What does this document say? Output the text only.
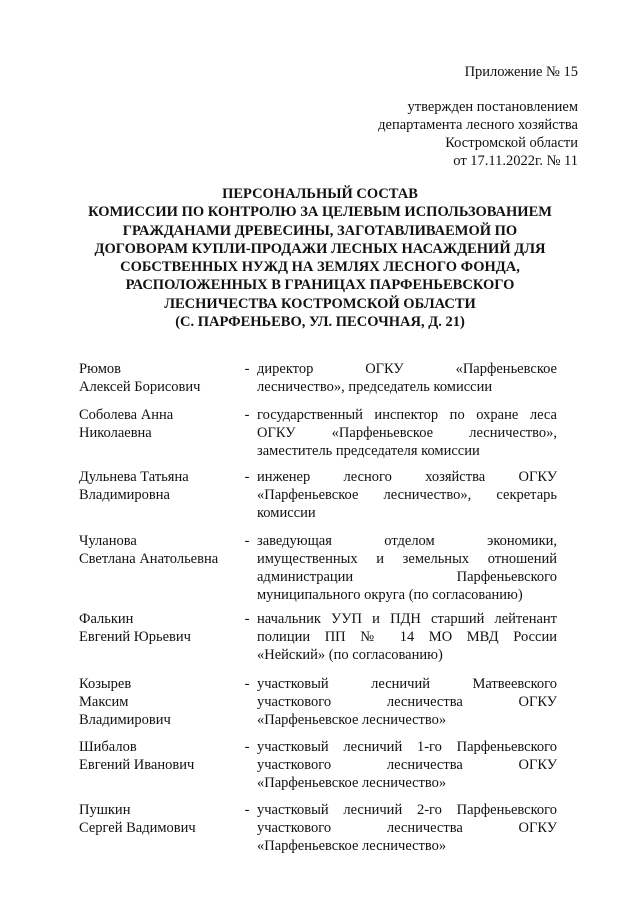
Приложение № 15
утвержден постановлением
департамента лесного хозяйства
Костромской области
от 17.11.2022г. № 11
ПЕРСОНАЛЬНЫЙ СОСТАВ
КОМИССИИ ПО КОНТРОЛЮ ЗА ЦЕЛЕВЫМ ИСПОЛЬЗОВАНИЕМ
ГРАЖДАНАМИ ДРЕВЕСИНЫ, ЗАГОТАВЛИВАЕМОЙ ПО
ДОГОВОРАМ КУПЛИ-ПРОДАЖИ ЛЕСНЫХ НАСАЖДЕНИЙ ДЛЯ
СОБСТВЕННЫХ НУЖД НА ЗЕМЛЯХ ЛЕСНОГО ФОНДА,
РАСПОЛОЖЕННЫХ В ГРАНИЦАХ ПАРФЕНЬЕВСКОГО
ЛЕСНИЧЕСТВА КОСТРОМСКОЙ ОБЛАСТИ
(С. ПАРФЕНЬЕВО, УЛ. ПЕСОЧНАЯ, Д. 21)
Рюмов
Алексей Борисович
- директор ОГКУ «Парфеньевское
лесничество», председатель комиссии
Соболева Анна
Николаевна
- государственный инспектор по охране леса
ОГКУ «Парфеньевское лесничество»,
заместитель председателя комиссии
Дульнева Татьяна
Владимировна
- инженер лесного хозяйства ОГКУ
«Парфеньевское лесничество», секретарь
комиссии
Чуланова
Светлана Анатольевна
- заведующая отделом экономики,
имущественных и земельных отношений
администрации Парфеньевского
муниципального округа (по согласованию)
Фалькин
Евгений Юрьевич
- начальник УУП и ПДН старший лейтенант
полиции ПП № 14 МО МВД России
«Нейский» (по согласованию)
Козырев
Максим
Владимирович
- участковый лесничий Матвеевского
участкового лесничества ОГКУ
«Парфеньевское лесничество»
Шибалов
Евгений Иванович
- участковый лесничий 1-го Парфеньевского
участкового лесничества ОГКУ
«Парфеньевское лесничество»
Пушкин
Сергей Вадимович
- участковый лесничий 2-го Парфеньевского
участкового лесничества ОГКУ
«Парфеньевское лесничество»
